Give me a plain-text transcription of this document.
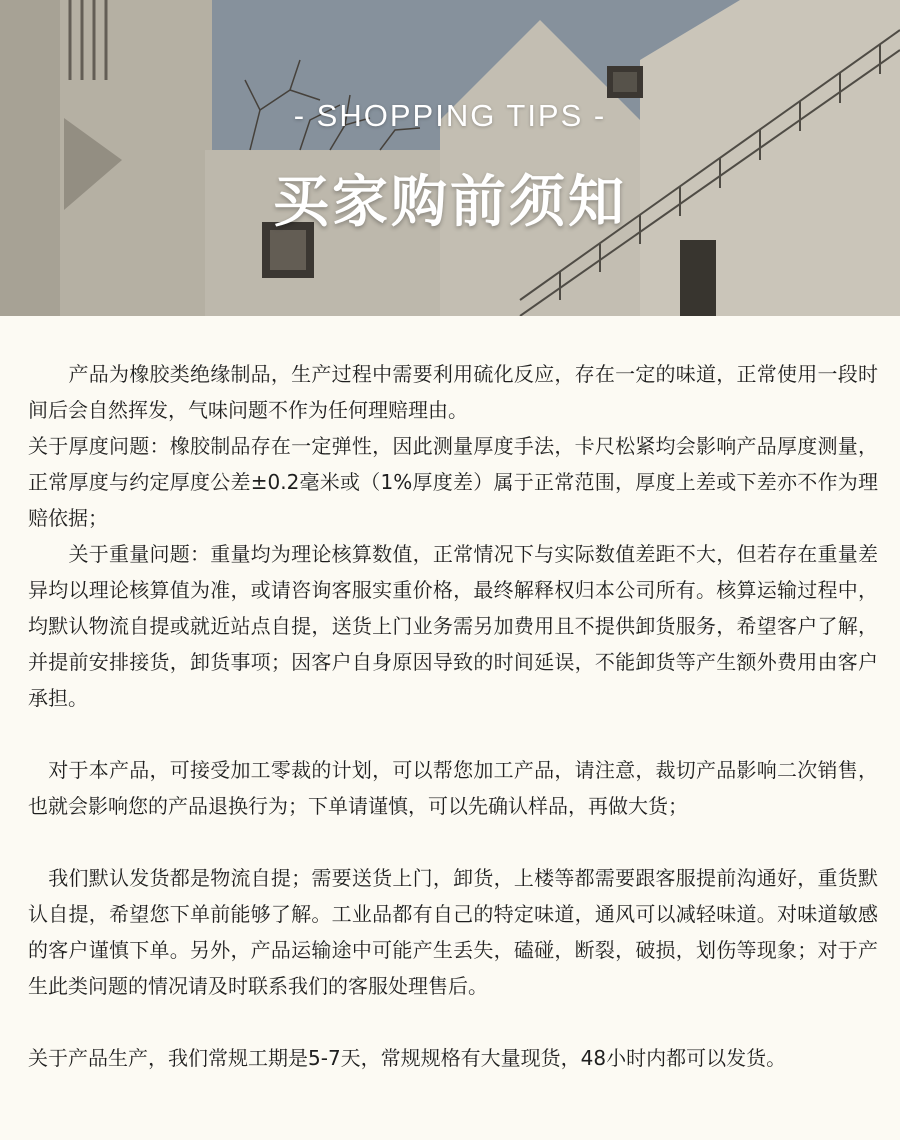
- SHOPPING TIPS -
买家购前须知

　　产品为橡胶类绝缘制品，生产过程中需要利用硫化反应，存在一定的味道，正常使用一段时间后会自然挥发，气味问题不作为任何理赔理由。

关于厚度问题：橡胶制品存在一定弹性，因此测量厚度手法，卡尺松紧均会影响产品厚度测量，正常厚度与约定厚度公差±0.2毫米或（1%厚度差）属于正常范围，厚度上差或下差亦不作为理赔依据；

　　关于重量问题：重量均为理论核算数值，正常情况下与实际数值差距不大，但若存在重量差异均以理论核算值为准，或请咨询客服实重价格，最终解释权归本公司所有。核算运输过程中，均默认物流自提或就近站点自提，送货上门业务需另加费用且不提供卸货服务，希望客户了解，并提前安排接货，卸货事项；因客户自身原因导致的时间延误，不能卸货等产生额外费用由客户承担。

　对于本产品，可接受加工零裁的计划，可以帮您加工产品，请注意，裁切产品影响二次销售，也就会影响您的产品退换行为；下单请谨慎，可以先确认样品，再做大货；

　我们默认发货都是物流自提；需要送货上门，卸货，上楼等都需要跟客服提前沟通好，重货默认自提，希望您下单前能够了解。工业品都有自己的特定味道，通风可以减轻味道。对味道敏感的客户谨慎下单。另外，产品运输途中可能产生丢失，磕碰，断裂，破损，划伤等现象；对于产生此类问题的情况请及时联系我们的客服处理售后。

关于产品生产，我们常规工期是5-7天，常规规格有大量现货，48小时内都可以发货。
